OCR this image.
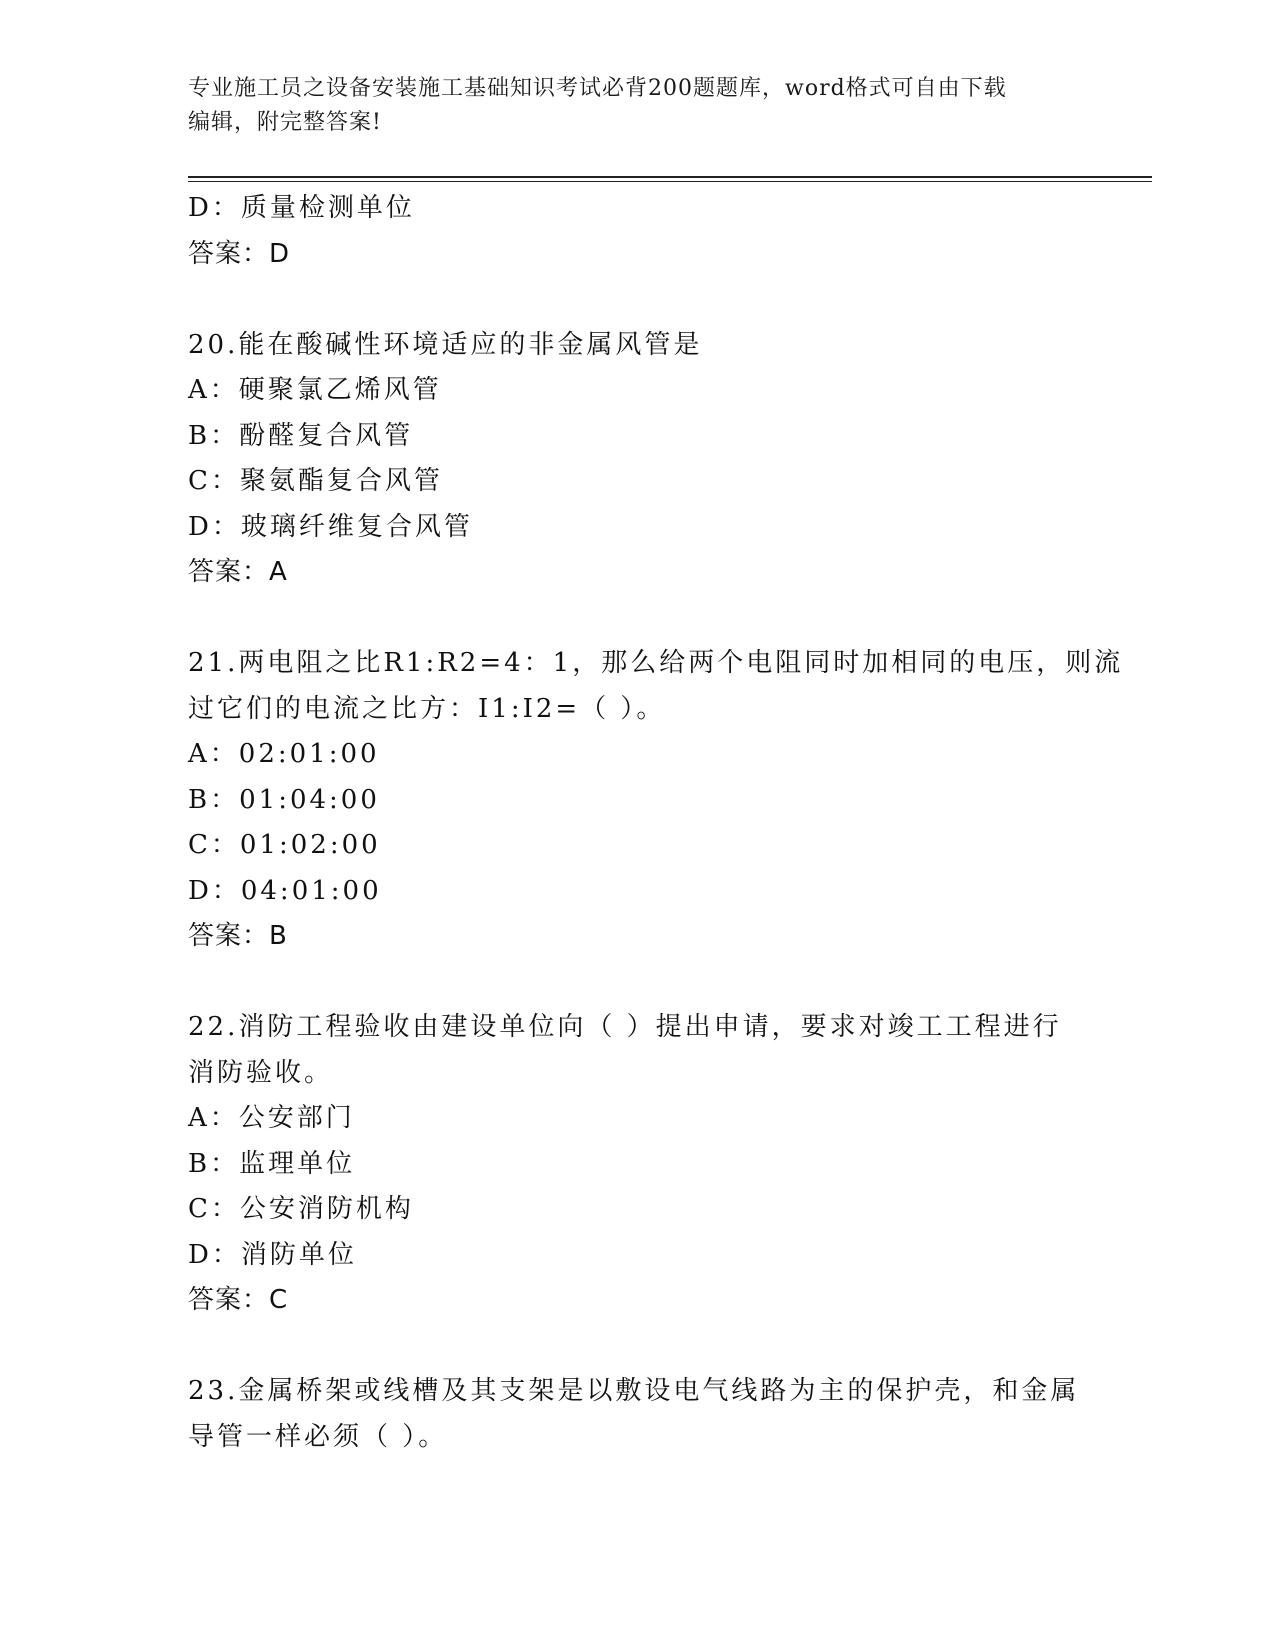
专业施工员之设备安装施工基础知识考试必背200题题库，word格式可自由下载
编辑，附完整答案!
D：质量检测单位
答案：D
20.能在酸碱性环境适应的非金属风管是
A：硬聚氯乙烯风管
B：酚醛复合风管
C：聚氨酯复合风管
D：玻璃纤维复合风管
答案：A
21.两电阻之比R1:R2=4：1，那么给两个电阻同时加相同的电压，则流
过它们的电流之比方：I1:I2=（ ）。
A：02:01:00
B：01:04:00
C：01:02:00
D：04:01:00
答案：B
22.消防工程验收由建设单位向（ ）提出申请，要求对竣工工程进行
消防验收。
A：公安部门
B：监理单位
C：公安消防机构
D：消防单位
答案：C
23.金属桥架或线槽及其支架是以敷设电气线路为主的保护壳，和金属
导管一样必须（ ）。
